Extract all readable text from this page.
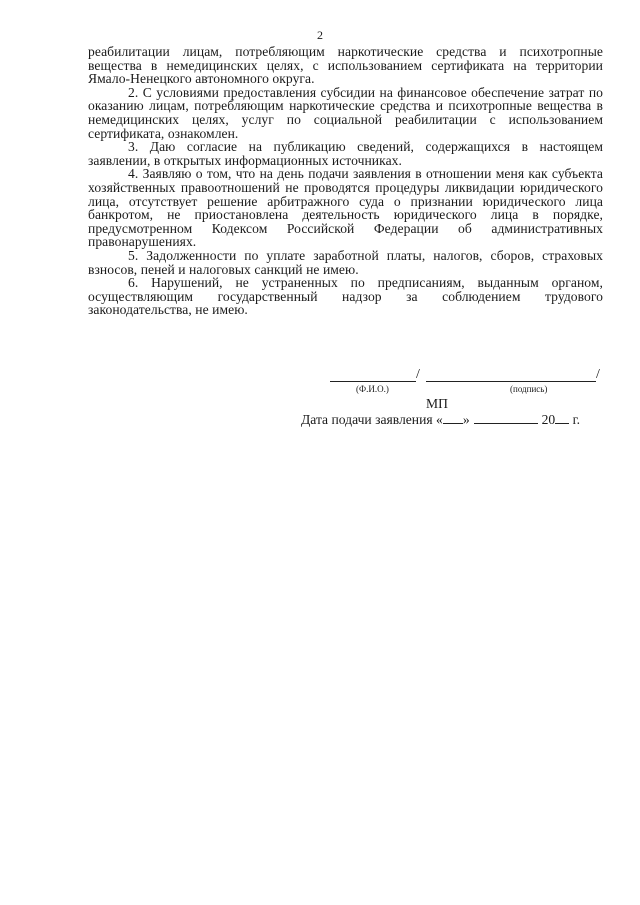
2

реабилитации лицам, потребляющим наркотические средства и психотропные вещества в немедицинских целях, с использованием сертификата на территории Ямало-Ненецкого автономного округа.

2. С условиями предоставления субсидии на финансовое обеспечение затрат по оказанию лицам, потребляющим наркотические средства и психотропные вещества в немедицинских целях, услуг по социальной реабилитации с использованием сертификата, ознакомлен.

3. Даю согласие на публикацию сведений, содержащихся в настоящем заявлении, в открытых информационных источниках.

4. Заявляю о том, что на день подачи заявления в отношении меня как субъекта хозяйственных правоотношений не проводятся процедуры ликвидации юридического лица, отсутствует решение арбитражного суда о признании юридического лица банкротом, не приостановлена деятельность юридического лица в порядке, предусмотренном Кодексом Российской Федерации об административных правонарушениях.

5. Задолженности по уплате заработной платы, налогов, сборов, страховых взносов, пеней и налоговых санкций не имею.

6. Нарушений, не устраненных по предписаниям, выданным органом, осуществляющим государственный надзор за соблюдением трудового законодательства, не имею.

/	/
(Ф.И.О.)	(подпись)
МП
Дата подачи заявления « »	20 г.
